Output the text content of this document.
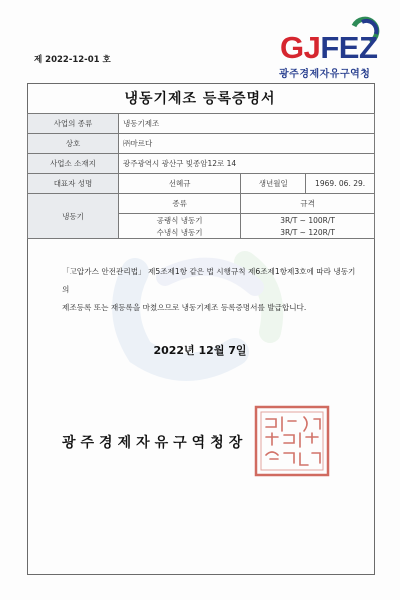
제 2022-12-01 호	GJFEZ
광주경제자유구역청
냉동기제조 등록증명서
사업의 종류	냉동기제조		
상호	㈜마르다		
사업소 소재지	광주광역시 광산구 빛종암12로 14		
대표자 성명	선혜규	생년월일	1969. 06. 29.
냉동기	종류	규격	
	공랭식 냉동기	3R/T ~ 100R/T	
	수냉식 냉동기	3R/T ~ 120R/T	
「고압가스 안전관리법」 제5조제1항 같은 법 시행규칙 제6조제1항제3호에 따라 냉동기의
제조등록 또는 재등록을 마쳤으므로 냉동기제조 등록증명서를 발급합니다.
2022년 12월 7일
광주경제자유구역청장
